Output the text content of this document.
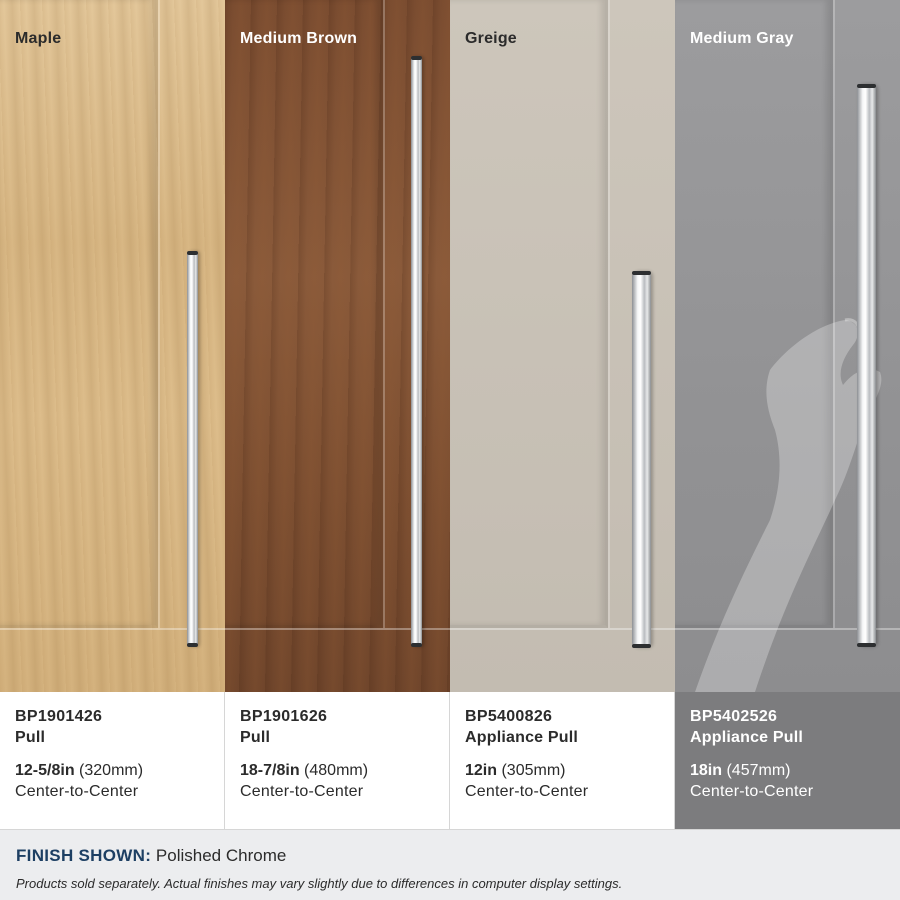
Maple	Medium Brown	Greige	Medium Gray
BP1901426
Pull
12-5/8in (320mm)
Center-to-Center
BP1901626
Pull
18-7/8in (480mm)
Center-to-Center
BP5400826
Appliance Pull
12in (305mm)
Center-to-Center
BP5402526
Appliance Pull
18in (457mm)
Center-to-Center
FINISH SHOWN: Polished Chrome
Products sold separately. Actual finishes may vary slightly due to differences in computer display settings.
